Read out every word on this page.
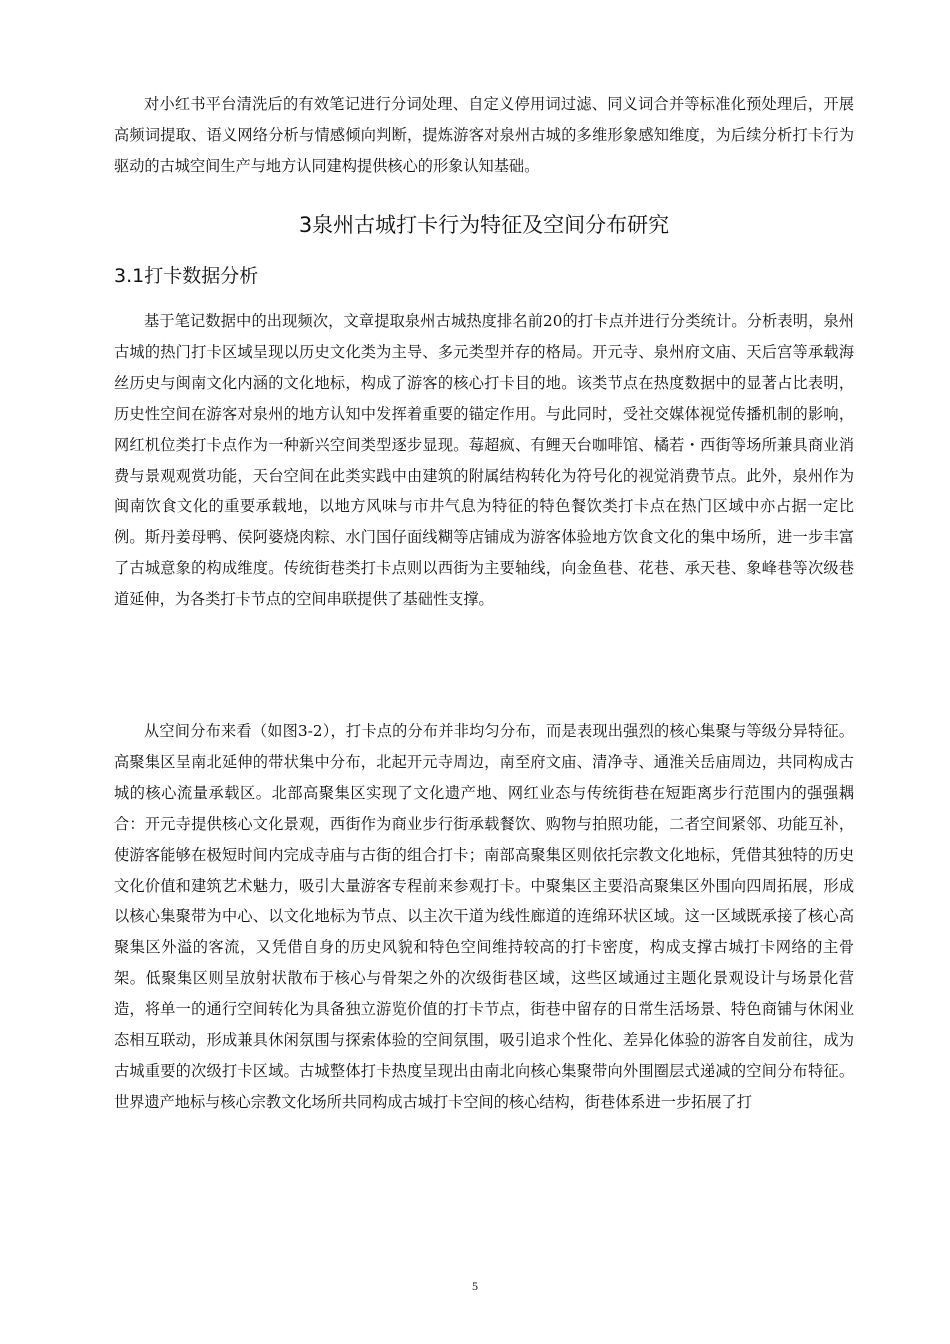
对小红书平台清洗后的有效笔记进行分词处理、自定义停用词过滤、同义词合并等标准化预处理后，开展高频词提取、语义网络分析与情感倾向判断，提炼游客对泉州古城的多维形象感知维度，为后续分析打卡行为驱动的古城空间生产与地方认同建构提供核心的形象认知基础。

3泉州古城打卡行为特征及空间分布研究
3.1打卡数据分析

基于笔记数据中的出现频次，文章提取泉州古城热度排名前20的打卡点并进行分类统计。分析表明，泉州古城的热门打卡区域呈现以历史文化类为主导、多元类型并存的格局。开元寺、泉州府文庙、天后宫等承载海丝历史与闽南文化内涵的文化地标，构成了游客的核心打卡目的地。该类节点在热度数据中的显著占比表明，历史性空间在游客对泉州的地方认知中发挥着重要的锚定作用。与此同时，受社交媒体视觉传播机制的影响，网红机位类打卡点作为一种新兴空间类型逐步显现。莓超疯、有鲤天台咖啡馆、橘若・西街等场所兼具商业消费与景观观赏功能，天台空间在此类实践中由建筑的附属结构转化为符号化的视觉消费节点。此外，泉州作为闽南饮食文化的重要承载地，以地方风味与市井气息为特征的特色餐饮类打卡点在热门区域中亦占据一定比例。斯丹姜母鸭、侯阿婆烧肉粽、水门国仔面线糊等店铺成为游客体验地方饮食文化的集中场所，进一步丰富了古城意象的构成维度。传统街巷类打卡点则以西街为主要轴线，向金鱼巷、花巷、承天巷、象峰巷等次级巷道延伸，为各类打卡节点的空间串联提供了基础性支撑。

从空间分布来看（如图3-2），打卡点的分布并非均匀分布，而是表现出强烈的核心集聚与等级分异特征。高聚集区呈南北延伸的带状集中分布，北起开元寺周边，南至府文庙、清净寺、通淮关岳庙周边，共同构成古城的核心流量承载区。北部高聚集区实现了文化遗产地、网红业态与传统街巷在短距离步行范围内的强强耦合：开元寺提供核心文化景观，西街作为商业步行街承载餐饮、购物与拍照功能，二者空间紧邻、功能互补，使游客能够在极短时间内完成寺庙与古街的组合打卡；南部高聚集区则依托宗教文化地标，凭借其独特的历史文化价值和建筑艺术魅力，吸引大量游客专程前来参观打卡。中聚集区主要沿高聚集区外围向四周拓展，形成以核心集聚带为中心、以文化地标为节点、以主次干道为线性廊道的连绵环状区域。这一区域既承接了核心高聚集区外溢的客流，又凭借自身的历史风貌和特色空间维持较高的打卡密度，构成支撑古城打卡网络的主骨架。低聚集区则呈放射状散布于核心与骨架之外的次级街巷区域，这些区域通过主题化景观设计与场景化营造，将单一的通行空间转化为具备独立游览价值的打卡节点，街巷中留存的日常生活场景、特色商铺与休闲业态相互联动，形成兼具休闲氛围与探索体验的空间氛围，吸引追求个性化、差异化体验的游客自发前往，成为古城重要的次级打卡区域。古城整体打卡热度呈现出由南北向核心集聚带向外围圈层式递减的空间分布特征。世界遗产地标与核心宗教文化场所共同构成古城打卡空间的核心结构，街巷体系进一步拓展了打

5
